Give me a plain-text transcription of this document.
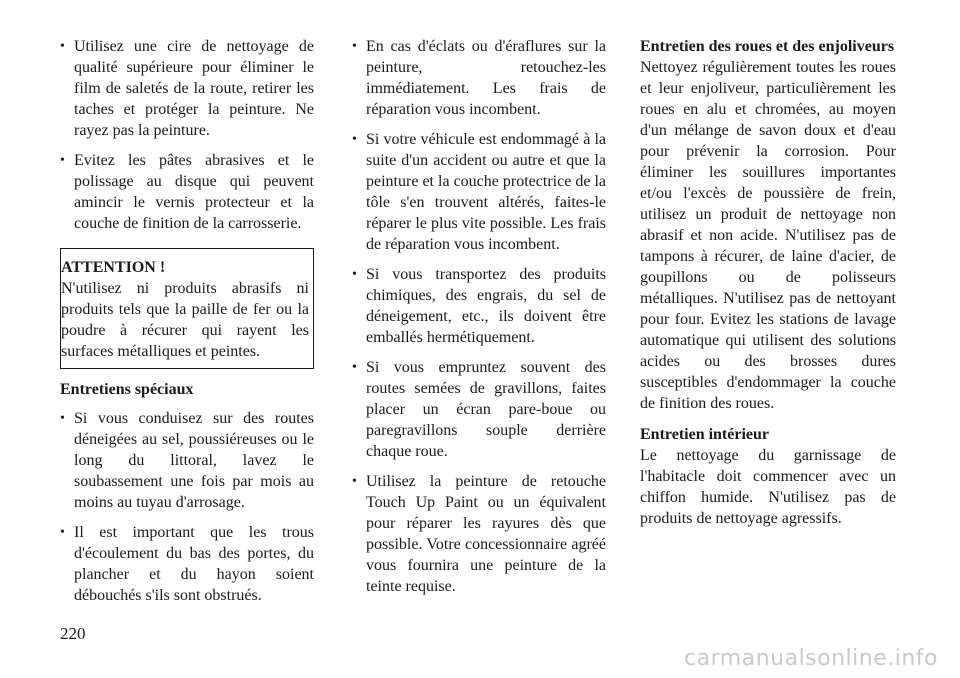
• Utilisez une cire de nettoyage de qualité supérieure pour éliminer le film de saletés de la route, retirer les taches et protéger la peinture. Ne rayez pas la peinture.
• Evitez les pâtes abrasives et le polissage au disque qui peuvent amincir le vernis protecteur et la couche de finition de la carrosserie.
ATTENTION !
N'utilisez ni produits abrasifs ni produits tels que la paille de fer ou la poudre à récurer qui rayent les surfaces métalliques et peintes.
Entretiens spéciaux
• Si vous conduisez sur des routes déneigées au sel, poussiéreuses ou le long du littoral, lavez le soubassement une fois par mois au moins au tuyau d'arrosage.
• Il est important que les trous d'écoulement du bas des portes, du plancher et du hayon soient débouchés s'ils sont obstrués.
• En cas d'éclats ou d'éraflures sur la peinture, retouchez-les immédiatement. Les frais de réparation vous incombent.
• Si votre véhicule est endommagé à la suite d'un accident ou autre et que la peinture et la couche protectrice de la tôle s'en trouvent altérés, faites-le réparer le plus vite possible. Les frais de réparation vous incombent.
• Si vous transportez des produits chimiques, des engrais, du sel de déneigement, etc., ils doivent être emballés hermétiquement.
• Si vous empruntez souvent des routes semées de gravillons, faites placer un écran pare-boue ou paregravillons souple derrière chaque roue.
• Utilisez la peinture de retouche Touch Up Paint ou un équivalent pour réparer les rayures dès que possible. Votre concessionnaire agréé vous fournira une peinture de la teinte requise.
Entretien des roues et des enjoliveurs
Nettoyez régulièrement toutes les roues et leur enjoliveur, particulièrement les roues en alu et chromées, au moyen d'un mélange de savon doux et d'eau pour prévenir la corrosion. Pour éliminer les souillures importantes et/ou l'excès de poussière de frein, utilisez un produit de nettoyage non abrasif et non acide. N'utilisez pas de tampons à récurer, de laine d'acier, de goupillons ou de polisseurs métalliques. N'utilisez pas de nettoyant pour four. Evitez les stations de lavage automatique qui utilisent des solutions acides ou des brosses dures susceptibles d'endommager la couche de finition des roues.
Entretien intérieur
Le nettoyage du garnissage de l'habitacle doit commencer avec un chiffon humide. N'utilisez pas de produits de nettoyage agressifs.
220
carmanualsonline.info
